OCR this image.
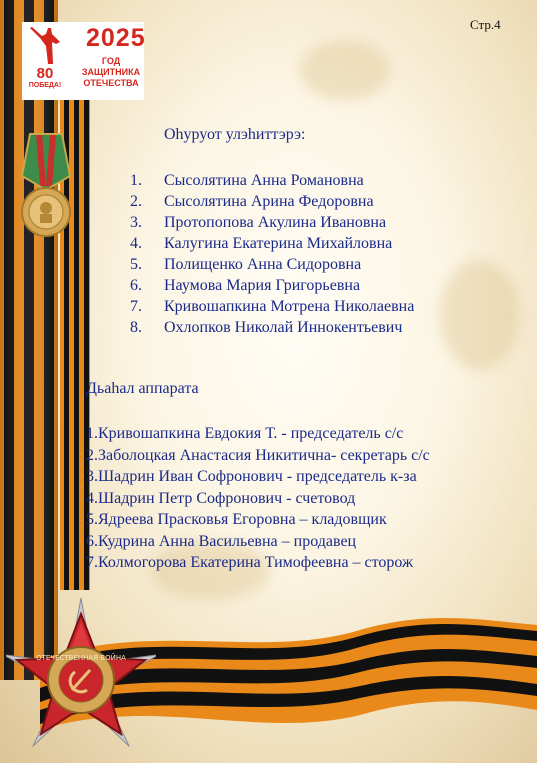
ОТЕЧЕСТВЕННАЯ ВОЙНА
Стр.4
80
ПОБЕДА!
2025
ГОД
ЗАЩИТНИКА
ОТЕЧЕСТВА
Оһуруот улэһиттэрэ:
1. Сысолятина Анна Романовна
2. Сысолятина Арина Федоровна
3. Протопопова Акулина Ивановна
4. Калугина Екатерина Михайловна
5. Полищенко Анна Сидоровна
6. Наумова Мария Григорьевна
7. Кривошапкина Мотрена Николаевна
8. Охлопков Николай Иннокентьевич
Дьаһал аппарата
1.Кривошапкина Евдокия Т. - председатель с/с
2.Заболоцкая Анастасия Никитична- секретарь с/с
3.Шадрин Иван Софронович - председатель к-за
4.Шадрин Петр Софронович - счетовод
5.Ядреева Прасковья Егоровна – кладовщик
6.Кудрина Анна Васильевна – продавец
7.Колмогорова Екатерина Тимофеевна – сторож
